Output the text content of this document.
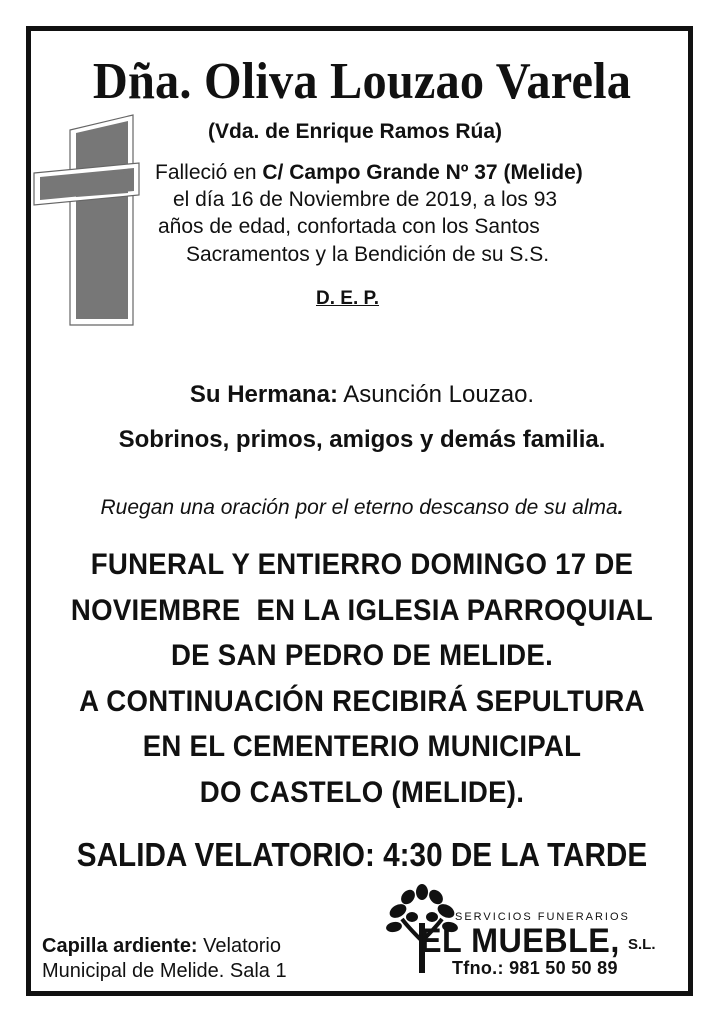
Dña. Oliva Louzao Varela
(Vda. de Enrique Ramos Rúa)
Falleció en C/ Campo Grande Nº 37 (Melide)
el día 16 de Noviembre de 2019, a los 93
años de edad, confortada con los Santos
Sacramentos y la Bendición de su S.S.
D. E. P.
Su Hermana: Asunción Louzao.
Sobrinos, primos, amigos y demás familia.
Ruegan una oración por el eterno descanso de su alma.
FUNERAL Y ENTIERRO DOMINGO 17 DE
NOVIEMBRE  EN LA IGLESIA PARROQUIAL
DE SAN PEDRO DE MELIDE.
A CONTINUACIÓN RECIBIRÁ SEPULTURA
EN EL CEMENTERIO MUNICIPAL
DO CASTELO (MELIDE).
SALIDA VELATORIO: 4:30 DE LA TARDE
Capilla ardiente: Velatorio
Municipal de Melide. Sala 1
SERVICIOS FUNERARIOS
EL MUEBLE, S.L.
Tfno.: 981 50 50 89
